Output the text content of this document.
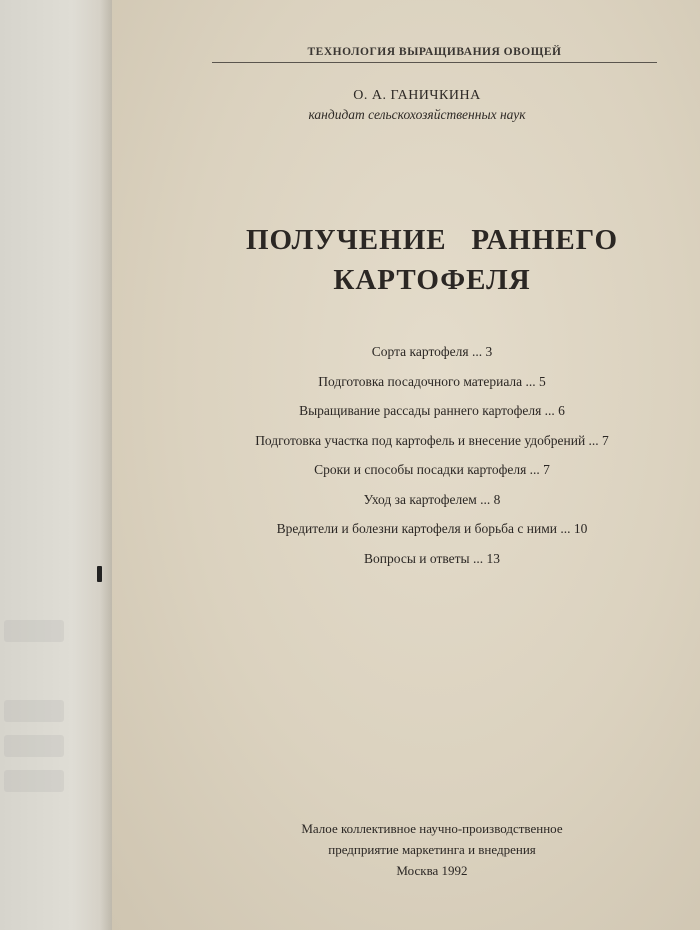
ТЕХНОЛОГИЯ ВЫРАЩИВАНИЯ ОВОЩЕЙ
О. А. ГАНИЧКИНА
кандидат сельскохозяйственных наук
ПОЛУЧЕНИЕ   РАННЕГО
КАРТОФЕЛЯ
Сорта картофеля ... 3
Подготовка посадочного материала ... 5
Выращивание рассады раннего картофеля ... 6
Подготовка участка под картофель и внесение удобрений ... 7
Сроки и способы посадки картофеля ... 7
Уход за картофелем ... 8
Вредители и болезни картофеля и борьба с ними ... 10
Вопросы и ответы ... 13
Малое коллективное научно-производственное
предприятие маркетинга и внедрения
Москва 1992
